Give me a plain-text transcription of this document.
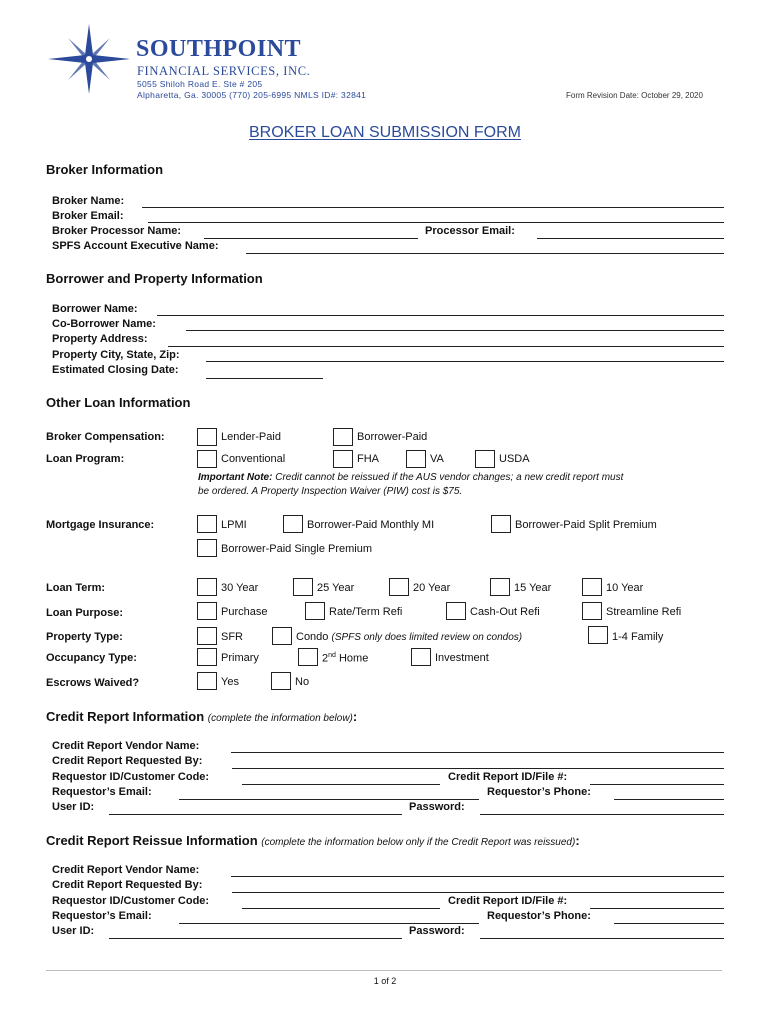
SOUTHPOINT
FINANCIAL SERVICES, INC.
5055 Shiloh Road E. Ste # 205
Alpharetta, Ga. 30005 (770) 205-6995 NMLS ID#: 32841	Form Revision Date: October 29, 2020
BROKER LOAN SUBMISSION FORM
Broker Information
Broker Name:
Broker Email:
Broker Processor Name:	Processor Email:
SPFS Account Executive Name:
Borrower and Property Information
Borrower Name:
Co-Borrower Name:
Property Address:
Property City, State, Zip:
Estimated Closing Date:
Other Loan Information
Broker Compensation:	Lender-Paid	Borrower-Paid
Loan Program:	Conventional	FHA	VA	USDA
Important Note: Credit cannot be reissued if the AUS vendor changes; a new credit report must
be ordered. A Property Inspection Waiver (PIW) cost is $75.
Mortgage Insurance:	LPMI	Borrower-Paid Monthly MI	Borrower-Paid Split Premium
Borrower-Paid Single Premium
Loan Term:	30 Year	25 Year	20 Year	15 Year	10 Year
Loan Purpose:	Purchase	Rate/Term Refi	Cash-Out Refi	Streamline Refi
Property Type:	SFR	Condo (SPFS only does limited review on condos)	1-4 Family
Occupancy Type:	Primary	2nd Home	Investment
Escrows Waived?	Yes	No
Credit Report Information (complete the information below):
Credit Report Vendor Name:
Credit Report Requested By:
Requestor ID/Customer Code:	Credit Report ID/File #:
Requestor’s Email:	Requestor’s Phone:
User ID:	Password:
Credit Report Reissue Information (complete the information below only if the Credit Report was reissued):
Credit Report Vendor Name:
Credit Report Requested By:
Requestor ID/Customer Code:	Credit Report ID/File #:
Requestor’s Email:	Requestor’s Phone:
User ID:	Password:
1 of 2
